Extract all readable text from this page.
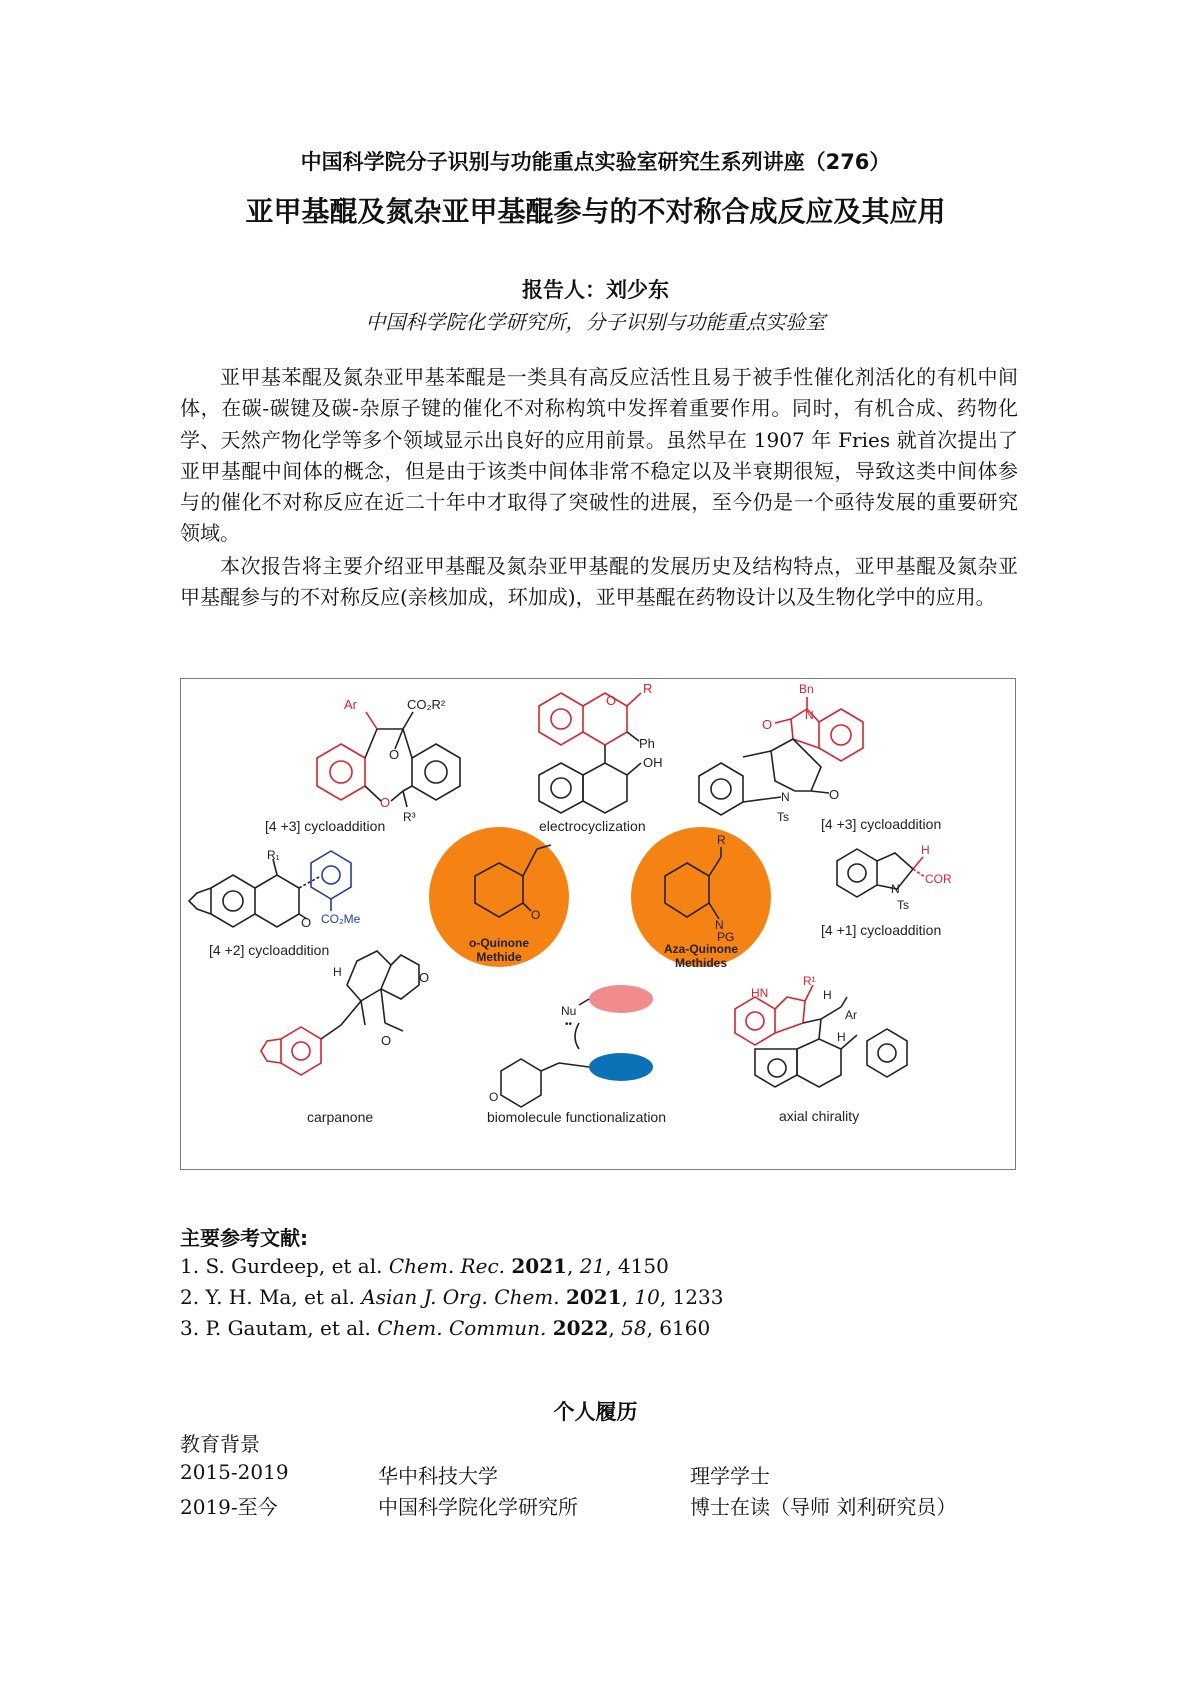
中国科学院分子识别与功能重点实验室研究生系列讲座（276）
亚甲基醌及氮杂亚甲基醌参与的不对称合成反应及其应用
报告人：刘少东
中国科学院化学研究所，分子识别与功能重点实验室

亚甲基苯醌及氮杂亚甲基苯醌是一类具有高反应活性且易于被手性催化剂活化的有机中间体，在碳-碳键及碳-杂原子键的催化不对称构筑中发挥着重要作用。同时，有机合成、药物化学、天然产物化学等多个领域显示出良好的应用前景。虽然早在 1907 年 Fries 就首次提出了亚甲基醌中间体的概念，但是由于该类中间体非常不稳定以及半衰期很短，导致这类中间体参与的催化不对称反应在近二十年中才取得了突破性的进展，至今仍是一个亟待发展的重要研究领域。

本次报告将主要介绍亚甲基醌及氮杂亚甲基醌的发展历史及结构特点，亚甲基醌及氮杂亚甲基醌参与的不对称反应(亲核加成，环加成)，亚甲基醌在药物设计以及生物化学中的应用。

Ar	CO₂R²
O
O
R³
[4 +3] cycloaddition
O
R
Ph
OH
electrocyclization
Bn
N
O
N	O
Ts [4 +3] cycloaddition
R₁
O CO₂Me
[4 +2] cycloaddition
O
o-Quinone
Methide
R
N
PG
Aza-Quinone
Methides
H
COR
N
Ts
[4 +1] cycloaddition
O
H
O
carpanone
Nu
••
O
biomolecule functionalization
HN
R¹
H
Ar
H
axial chirality
主要参考文献:
1. S. Gurdeep, et al. Chem. Rec. 2021, 21, 4150
2. Y. H. Ma, et al. Asian J. Org. Chem. 2021, 10, 1233
3. P. Gautam, et al. Chem. Commun. 2022, 58, 6160
个人履历
教育背景
2015-2019	华中科技大学	理学学士
2019-至今	中国科学院化学研究所	博士在读（导师 刘利研究员）
